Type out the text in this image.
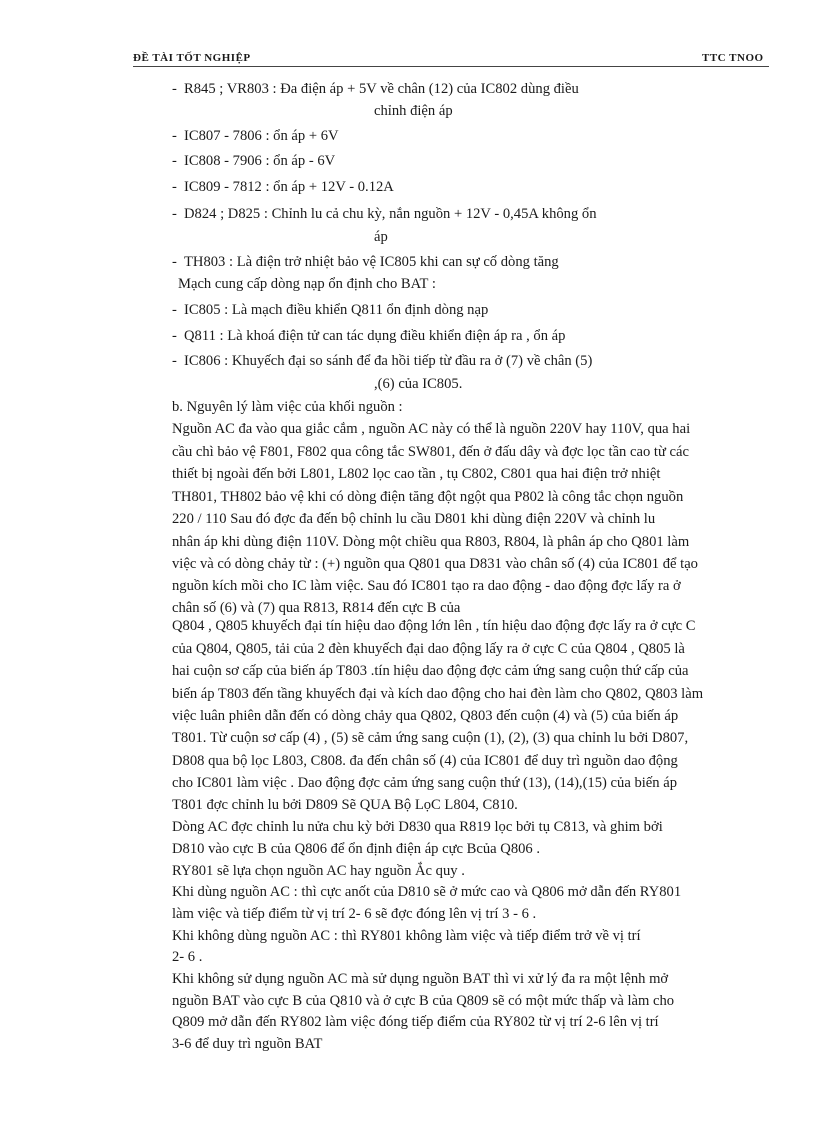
ĐỀ TÀI TỐT NGHIỆP	TTC TNOO
- R845 ; VR803 : Đa điện áp + 5V về chân (12) của IC802 dùng điều
chỉnh điện áp
- IC807 - 7806 : ổn áp + 6V
- IC808 - 7906 : ổn áp - 6V
- IC809 - 7812 : ổn áp + 12V - 0.12A
- D824 ; D825 : Chỉnh lu cả chu kỳ, nắn nguồn + 12V - 0,45A không ổn
áp
- TH803 : Là điện trở nhiệt bảo vệ IC805 khi can sự cố dòng tăng
Mạch cung cấp dòng nạp ổn định cho BAT :
- IC805 : Là mạch điều khiển Q811 ổn định dòng nạp
- Q811 : Là khoá điện tử can tác dụng điều khiển điện áp ra , ổn áp
- IC806 : Khuyếch đại so sánh để đa hồi tiếp từ đầu ra ở (7) về chân (5)
,(6) của IC805.
b. Nguyên lý làm việc của khối nguồn :
Nguồn AC đa vào qua giắc cắm , nguồn AC này có thể là nguồn 220V hay 110V, qua hai
cầu chì bảo vệ F801, F802 qua công tắc SW801, đến ở đấu dây và đợc lọc tần cao từ các
thiết bị ngoài đến bởi L801, L802 lọc cao tần , tụ C802, C801 qua hai điện trở nhiệt
TH801, TH802 bảo vệ khi có dòng điện tăng đột ngột qua P802 là công tắc chọn nguồn
220 / 110 Sau đó đợc đa đến bộ chỉnh lu cầu D801 khi dùng điện 220V và chỉnh lu
nhân áp khi dùng điện 110V. Dòng một chiều qua R803, R804, là phân áp cho Q801 làm
việc và có dòng chảy từ : (+) nguồn qua Q801 qua D831 vào chân số (4) của IC801 để tạo
nguồn kích mồi cho IC làm việc. Sau đó IC801 tạo ra dao động - dao động đợc lấy ra ở
chân số (6) và (7) qua R813, R814 đến cực B của
Q804 , Q805 khuyếch đại tín hiệu dao động lớn lên , tín hiệu dao động đợc lấy ra ở cực C
của Q804, Q805, tải của 2 đèn khuyếch đại dao động lấy ra ở cực C của Q804 , Q805 là
hai cuộn sơ cấp của biến áp T803 .tín hiệu dao động đợc cảm ứng sang cuộn thứ cấp của
biến áp T803 đến tầng khuyếch đại và kích dao động cho hai đèn làm cho Q802, Q803 làm
việc luân phiên dẫn đến có dòng chảy qua Q802, Q803 đến cuộn (4) và (5) của biến áp
T801. Từ cuộn sơ cấp (4) , (5) sẽ cảm ứng sang cuộn (1), (2), (3) qua chỉnh lu bởi D807,
D808 qua bộ lọc L803, C808. đa đến chân số (4) của IC801 để duy trì nguồn dao động
cho IC801 làm việc . Dao động đợc cảm ứng sang cuộn thứ (13), (14),(15) của biến áp
T801 đợc chỉnh lu bởi D809 Sẽ QUA Bộ LọC L804, C810.
Dòng AC đợc chỉnh lu nửa chu kỳ bởi D830 qua R819 lọc bởi tụ C813, và ghim bởi
D810 vào cực B của Q806 để ổn định điện áp cực Bcủa Q806 .
RY801 sẽ lựa chọn nguồn AC hay nguồn Ắc quy .
Khi dùng nguồn AC : thì cực anốt của D810 sẽ ở mức cao và Q806 mở dẫn đến RY801
làm việc và tiếp điểm từ vị trí 2- 6 sẽ đợc đóng lên vị trí 3 - 6 .
Khi không dùng nguồn AC : thì RY801 không làm việc và tiếp điểm trở về vị trí
2- 6 .
Khi không sử dụng nguồn AC mà sử dụng nguồn BAT thì vi xử lý đa ra một lệnh mở
nguồn BAT vào cực B của Q810 và ở cực B của Q809 sẽ có một mức thấp và làm cho
Q809 mở dẫn đến RY802 làm việc đóng tiếp điểm của RY802 từ vị trí 2-6 lên vị trí
3-6 để duy trì nguồn BAT
